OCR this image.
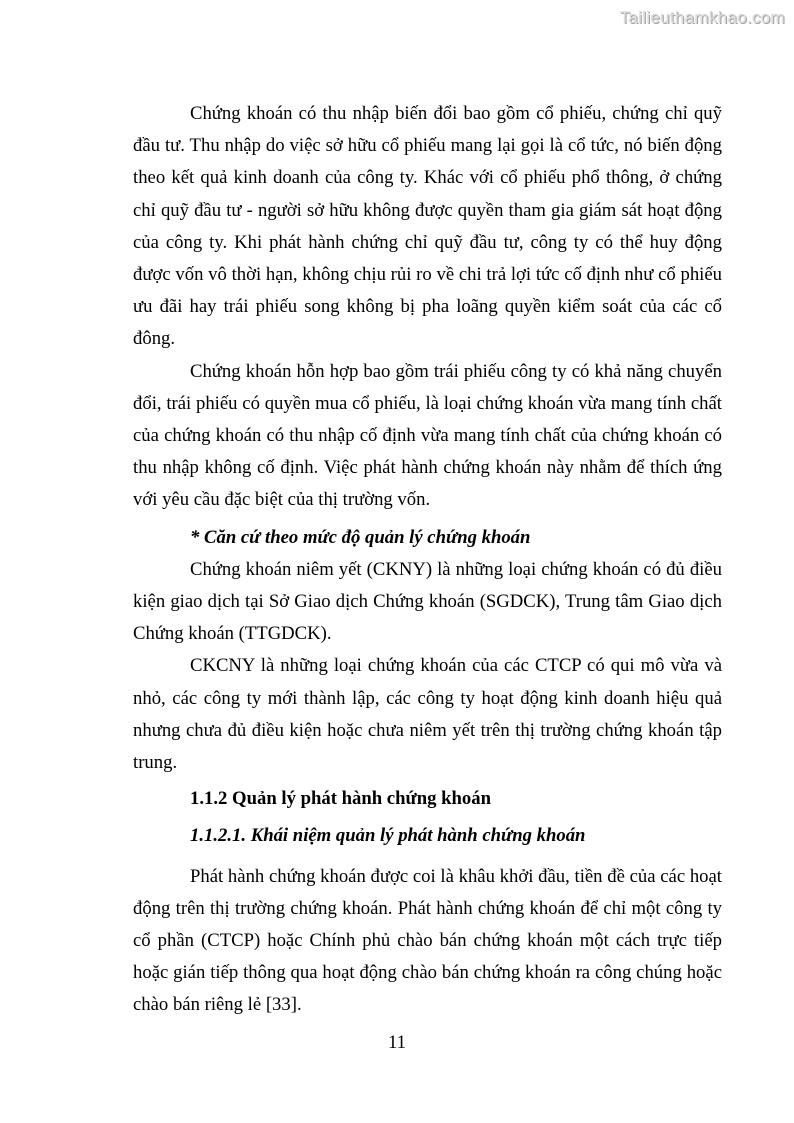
Tailieuthamkhao.com

Chứng khoán có thu nhập biến đổi bao gồm cổ phiếu, chứng chỉ quỹ đầu tư. Thu nhập do việc sở hữu cổ phiếu mang lại gọi là cổ tức, nó biến động theo kết quả kinh doanh của công ty. Khác với cổ phiếu phổ thông, ở chứng chỉ quỹ đầu tư - người sở hữu không được quyền tham gia giám sát hoạt động của công ty. Khi phát hành chứng chỉ quỹ đầu tư, công ty có thể huy động được vốn vô thời hạn, không chịu rủi ro về chi trả lợi tức cố định như cổ phiếu ưu đãi hay trái phiếu song không bị pha loãng quyền kiểm soát của các cổ đông.

Chứng khoán hỗn hợp bao gồm trái phiếu công ty có khả năng chuyển đổi, trái phiếu có quyền mua cổ phiếu, là loại chứng khoán vừa mang tính chất của chứng khoán có thu nhập cố định vừa mang tính chất của chứng khoán có thu nhập không cố định. Việc phát hành chứng khoán này nhằm để thích ứng với yêu cầu đặc biệt của thị trường vốn.

* Căn cứ theo mức độ quản lý chứng khoán

Chứng khoán niêm yết (CKNY) là những loại chứng khoán có đủ điều kiện giao dịch tại Sở Giao dịch Chứng khoán (SGDCK), Trung tâm Giao dịch Chứng khoán (TTGDCK).

CKCNY là những loại chứng khoán của các CTCP có qui mô vừa và nhỏ, các công ty mới thành lập, các công ty hoạt động kinh doanh hiệu quả nhưng chưa đủ điều kiện hoặc chưa niêm yết trên thị trường chứng khoán tập trung.

1.1.2 Quản lý phát hành chứng khoán

1.1.2.1. Khái niệm quản lý phát hành chứng khoán

Phát hành chứng khoán được coi là khâu khởi đầu, tiền đề của các hoạt động trên thị trường chứng khoán. Phát hành chứng khoán để chỉ một công ty cổ phần (CTCP) hoặc Chính phủ chào bán chứng khoán một cách trực tiếp hoặc gián tiếp thông qua hoạt động chào bán chứng khoán ra công chúng hoặc chào bán riêng lẻ [33].

11
